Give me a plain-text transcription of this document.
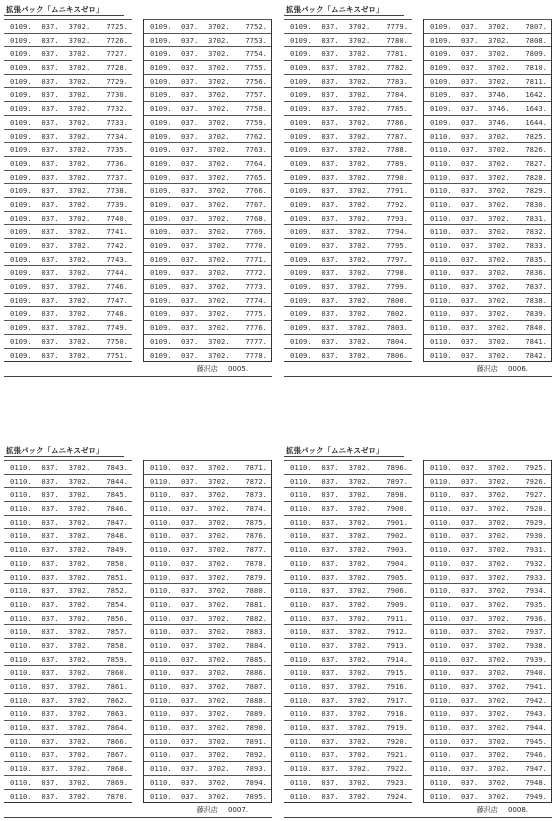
拡張パック「ムニキスゼロ」
0109.	037.	3702.	7725.
0109.	037.	3702.	7726.
0109.	037.	3702.	7727.
0109.	037.	3702.	7728.
0109.	037.	3702.	7729.
0109.	037.	3702.	7730.
0109.	037.	3702.	7732.
0109.	037.	3702.	7733.
0109.	037.	3702.	7734.
0109.	037.	3702.	7735.
0109.	037.	3702.	7736.
0109.	037.	3702.	7737.
0109.	037.	3702.	7738.
0109.	037.	3702.	7739.
0109.	037.	3702.	7740.
0109.	037.	3702.	7741.
0109.	037.	3702.	7742.
0109.	037.	3702.	7743.
0109.	037.	3702.	7744.
0109.	037.	3702.	7746.
0109.	037.	3702.	7747.
0109.	037.	3702.	7748.
0109.	037.	3702.	7749.
0109.	037.	3702.	7750.
0109.	037.	3702.	7751.
0109.	037.	3702.	7752.
0109.	037.	3702.	7753.
0109.	037.	3702.	7754.
0109.	037.	3702.	7755.
0109.	037.	3702.	7756.
0109.	037.	3702.	7757.
0109.	037.	3702.	7758.
0109.	037.	3702.	7759.
0109.	037.	3702.	7762.
0109.	037.	3702.	7763.
0109.	037.	3702.	7764.
0109.	037.	3702.	7765.
0109.	037.	3702.	7766.
0109.	037.	3702.	7767.
0109.	037.	3702.	7768.
0109.	037.	3702.	7769.
0109.	037.	3702.	7770.
0109.	037.	3702.	7771.
0109.	037.	3702.	7772.
0109.	037.	3702.	7773.
0109.	037.	3702.	7774.
0109.	037.	3702.	7775.
0109.	037.	3702.	7776.
0109.	037.	3702.	7777.
0109.	037.	3702.	7778.
藤沢店 0005.
拡張パック「ムニキスゼロ」
0109.	037.	3702.	7779.
0109.	037.	3702.	7780.
0109.	037.	3702.	7781.
0109.	037.	3702.	7782.
0109.	037.	3702.	7783.
0109.	037.	3702.	7784.
0109.	037.	3702.	7785.
0109.	037.	3702.	7786.
0109.	037.	3702.	7787.
0109.	037.	3702.	7788.
0109.	037.	3702.	7789.
0109.	037.	3702.	7790.
0109.	037.	3702.	7791.
0109.	037.	3702.	7792.
0109.	037.	3702.	7793.
0109.	037.	3702.	7794.
0109.	037.	3702.	7795.
0109.	037.	3702.	7797.
0109.	037.	3702.	7798.
0109.	037.	3702.	7799.
0109.	037.	3702.	7800.
0109.	037.	3702.	7802.
0109.	037.	3702.	7803.
0109.	037.	3702.	7804.
0109.	037.	3702.	7806.
0109.	037.	3702.	7807.
0109.	037.	3702.	7808.
0109.	037.	3702.	7809.
0109.	037.	3702.	7810.
0109.	037.	3702.	7811.
0109.	037.	3746.	1642.
0109.	037.	3746.	1643.
0109.	037.	3746.	1644.
0110.	037.	3702.	7825.
0110.	037.	3702.	7826.
0110.	037.	3702.	7827.
0110.	037.	3702.	7828.
0110.	037.	3702.	7829.
0110.	037.	3702.	7830.
0110.	037.	3702.	7831.
0110.	037.	3702.	7832.
0110.	037.	3702.	7833.
0110.	037.	3702.	7835.
0110.	037.	3702.	7836.
0110.	037.	3702.	7837.
0110.	037.	3702.	7838.
0110.	037.	3702.	7839.
0110.	037.	3702.	7840.
0110.	037.	3702.	7841.
0110.	037.	3702.	7842.
藤沢店 0006.
拡張パック「ムニキスゼロ」
0110.	037.	3702.	7843.
0110.	037.	3702.	7844.
0110.	037.	3702.	7845.
0110.	037.	3702.	7846.
0110.	037.	3702.	7847.
0110.	037.	3702.	7848.
0110.	037.	3702.	7849.
0110.	037.	3702.	7850.
0110.	037.	3702.	7851.
0110.	037.	3702.	7852.
0110.	037.	3702.	7854.
0110.	037.	3702.	7856.
0110.	037.	3702.	7857.
0110.	037.	3702.	7858.
0110.	037.	3702.	7859.
0110.	037.	3702.	7860.
0110.	037.	3702.	7861.
0110.	037.	3702.	7862.
0110.	037.	3702.	7863.
0110.	037.	3702.	7864.
0110.	037.	3702.	7866.
0110.	037.	3702.	7867.
0110.	037.	3702.	7868.
0110.	037.	3702.	7869.
0110.	037.	3702.	7870.
0110.	037.	3702.	7871.
0110.	037.	3702.	7872.
0110.	037.	3702.	7873.
0110.	037.	3702.	7874.
0110.	037.	3702.	7875.
0110.	037.	3702.	7876.
0110.	037.	3702.	7877.
0110.	037.	3702.	7878.
0110.	037.	3702.	7879.
0110.	037.	3702.	7880.
0110.	037.	3702.	7881.
0110.	037.	3702.	7882.
0110.	037.	3702.	7883.
0110.	037.	3702.	7884.
0110.	037.	3702.	7885.
0110.	037.	3702.	7886.
0110.	037.	3702.	7887.
0110.	037.	3702.	7888.
0110.	037.	3702.	7889.
0110.	037.	3702.	7890.
0110.	037.	3702.	7891.
0110.	037.	3702.	7892.
0110.	037.	3702.	7893.
0110.	037.	3702.	7894.
0110.	037.	3702.	7895.
藤沢店 0007.
拡張パック「ムニキスゼロ」
0110.	037.	3702.	7896.
0110.	037.	3702.	7897.
0110.	037.	3702.	7898.
0110.	037.	3702.	7900.
0110.	037.	3702.	7901.
0110.	037.	3702.	7902.
0110.	037.	3702.	7903.
0110.	037.	3702.	7904.
0110.	037.	3702.	7905.
0110.	037.	3702.	7906.
0110.	037.	3702.	7909.
0110.	037.	3702.	7911.
0110.	037.	3702.	7912.
0110.	037.	3702.	7913.
0110.	037.	3702.	7914.
0110.	037.	3702.	7915.
0110.	037.	3702.	7916.
0110.	037.	3702.	7917.
0110.	037.	3702.	7918.
0110.	037.	3702.	7919.
0110.	037.	3702.	7920.
0110.	037.	3702.	7921.
0110.	037.	3702.	7922.
0110.	037.	3702.	7923.
0110.	037.	3702.	7924.
0110.	037.	3702.	7925.
0110.	037.	3702.	7926.
0110.	037.	3702.	7927.
0110.	037.	3702.	7928.
0110.	037.	3702.	7929.
0110.	037.	3702.	7930.
0110.	037.	3702.	7931.
0110.	037.	3702.	7932.
0110.	037.	3702.	7933.
0110.	037.	3702.	7934.
0110.	037.	3702.	7935.
0110.	037.	3702.	7936.
0110.	037.	3702.	7937.
0110.	037.	3702.	7938.
0110.	037.	3702.	7939.
0110.	037.	3702.	7940.
0110.	037.	3702.	7941.
0110.	037.	3702.	7942.
0110.	037.	3702.	7943.
0110.	037.	3702.	7944.
0110.	037.	3702.	7945.
0110.	037.	3702.	7946.
0110.	037.	3702.	7947.
0110.	037.	3702.	7948.
0110.	037.	3702.	7949.
藤沢店 0008.
